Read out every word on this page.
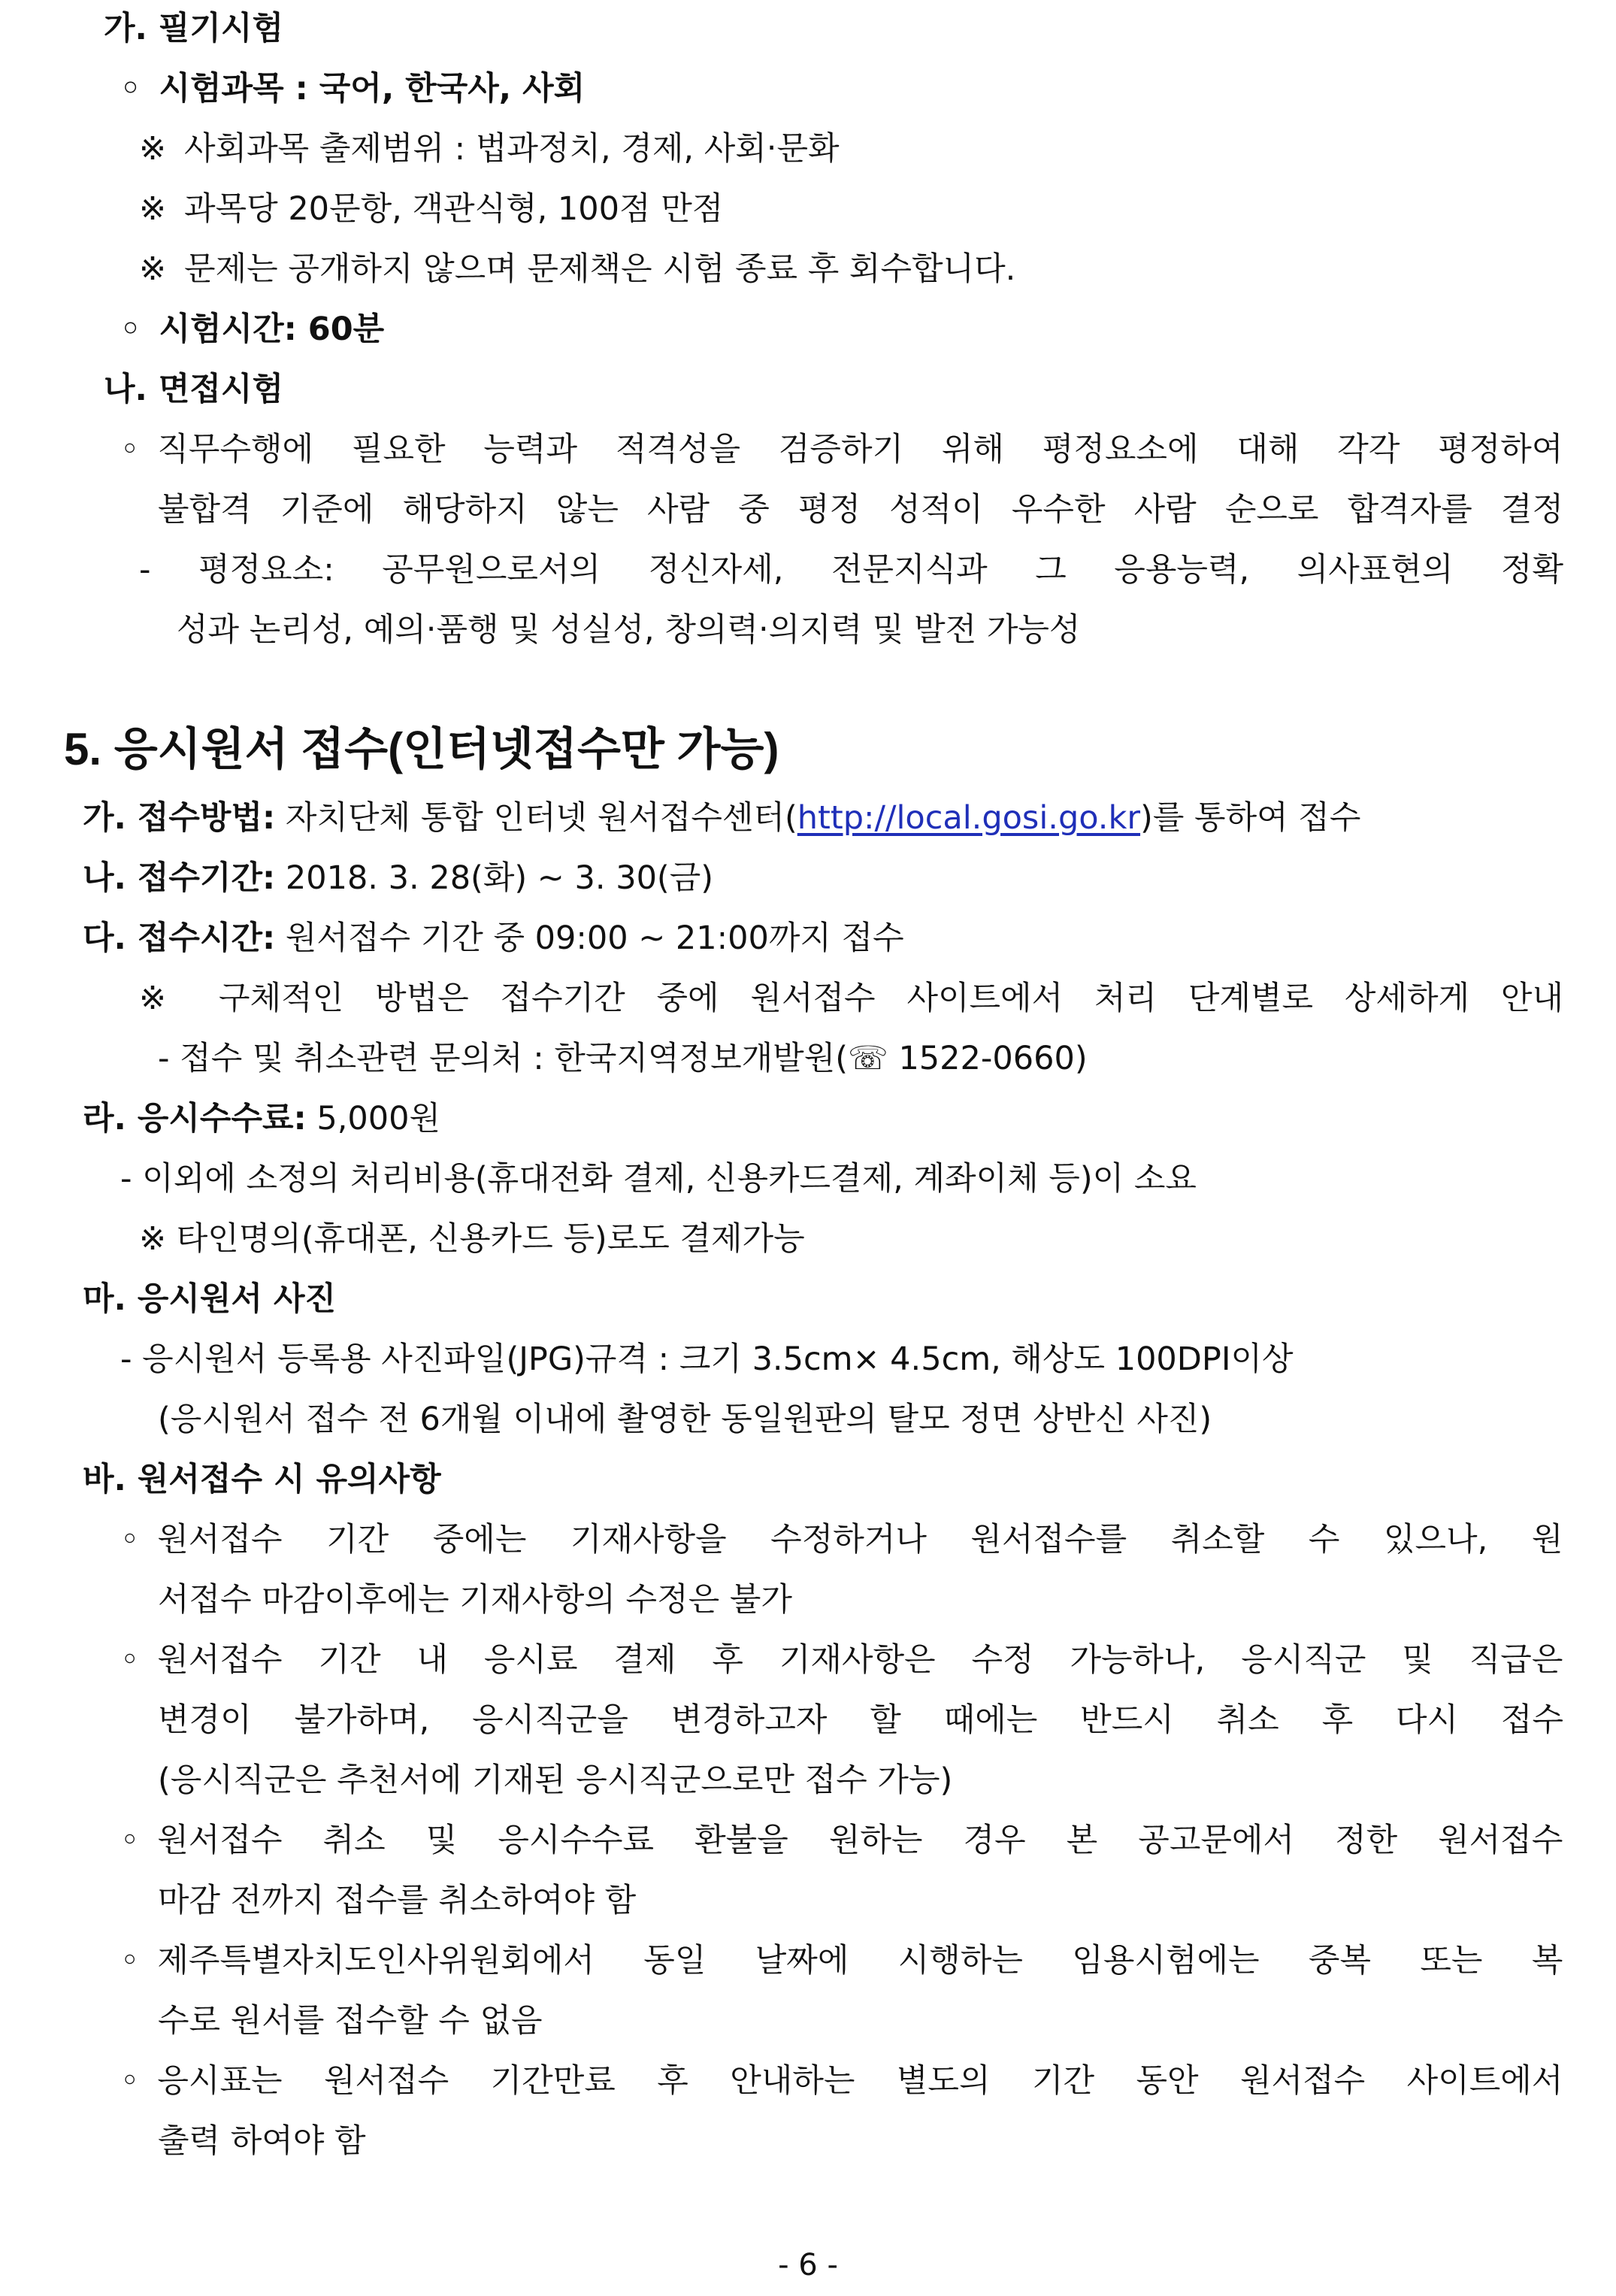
가. 필기시험
◦ 시험과목 : 국어, 한국사, 사회
※ 사회과목 출제범위 : 법과정치, 경제, 사회‧문화
※ 과목당 20문항, 객관식형, 100점 만점
※ 문제는 공개하지 않으며 문제책은 시험 종료 후 회수합니다.
◦ 시험시간: 60분
나. 면접시험
◦ 직무수행에 필요한 능력과 적격성을 검증하기 위해 평정요소에 대해 각각 평정하여
불합격 기준에 해당하지 않는 사람 중 평정 성적이 우수한 사람 순으로 합격자를 결정
- 평정요소: 공무원으로서의 정신자세, 전문지식과 그 응용능력, 의사표현의 정확
성과 논리성, 예의‧품행 및 성실성, 창의력‧의지력 및 발전 가능성
5. 응시원서 접수(인터넷접수만 가능)
가. 접수방법: 자치단체 통합 인터넷 원서접수센터(http://local.gosi.go.kr)를 통하여 접수
나. 접수기간: 2018. 3. 28(화) ~ 3. 30(금)
다. 접수시간: 원서접수 기간 중 09:00 ~ 21:00까지 접수
※ 구체적인 방법은 접수기간 중에 원서접수 사이트에서 처리 단계별로 상세하게 안내
- 접수 및 취소관련 문의처 : 한국지역정보개발원(☏ 1522-0660)
라. 응시수수료: 5,000원
- 이외에 소정의 처리비용(휴대전화 결제, 신용카드결제, 계좌이체 등)이 소요
※ 타인명의(휴대폰, 신용카드 등)로도 결제가능
마. 응시원서 사진
- 응시원서 등록용 사진파일(JPG)규격 : 크기 3.5cm× 4.5cm, 해상도 100DPI이상
(응시원서 접수 전 6개월 이내에 촬영한 동일원판의 탈모 정면 상반신 사진)
바. 원서접수 시 유의사항
◦ 원서접수 기간 중에는 기재사항을 수정하거나 원서접수를 취소할 수 있으나, 원
서접수 마감이후에는 기재사항의 수정은 불가
◦ 원서접수 기간 내 응시료 결제 후 기재사항은 수정 가능하나, 응시직군 및 직급은
변경이 불가하며, 응시직군을 변경하고자 할 때에는 반드시 취소 후 다시 접수
(응시직군은 추천서에 기재된 응시직군으로만 접수 가능)
◦ 원서접수 취소 및 응시수수료 환불을 원하는 경우 본 공고문에서 정한 원서접수
마감 전까지 접수를 취소하여야 함
◦ 제주특별자치도인사위원회에서 동일 날짜에 시행하는 임용시험에는 중복 또는 복
수로 원서를 접수할 수 없음
◦ 응시표는 원서접수 기간만료 후 안내하는 별도의 기간 동안 원서접수 사이트에서
출력 하여야 함
- 6 -
